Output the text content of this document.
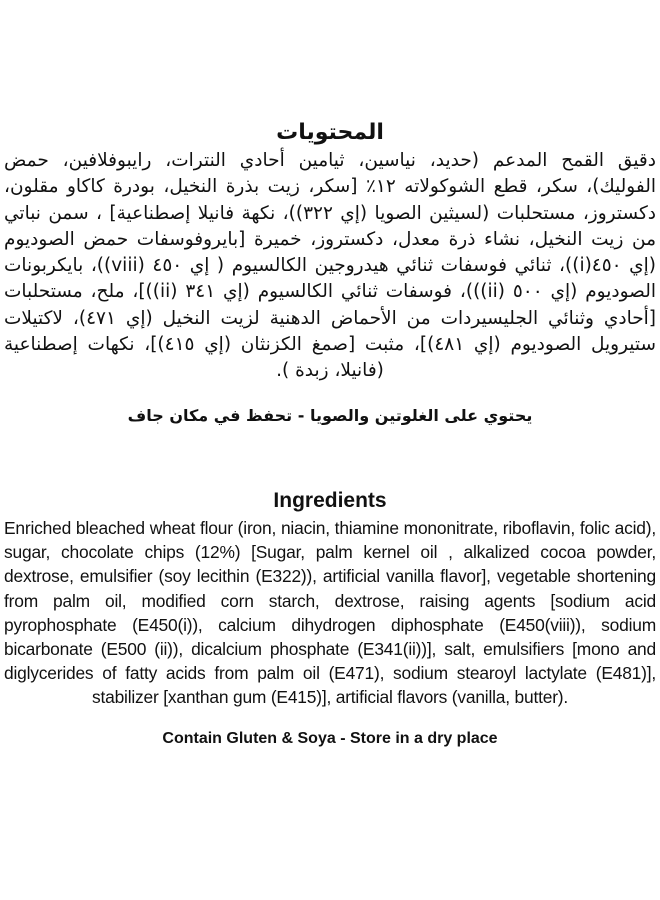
المحتويات

دقيق القمح المدعم (حديد، نياسين، ثيامين أحادي النترات، رايبوفلافين، حمض الفوليك)، سكر، قطع الشوكولاته ١٢٪ [سكر، زيت بذرة النخيل، بودرة كاكاو مقلون، دكستروز، مستحلبات (لسيثين الصويا (إي ٣٢٢))، نكهة فانيلا إصطناعية] ، سمن نباتي من زيت النخيل، نشاء ذرة معدل، دكستروز، خميرة [بايروفوسفات حمض الصوديوم (إي ٤٥٠(i))، ثنائي فوسفات ثنائي هيدروجين الكالسيوم ( إي ٤٥٠ (viii))، بايكربونات الصوديوم (إي ٥٠٠ (ii)))، فوسفات ثنائي الكالسيوم (إي ٣٤١ (ii))]، ملح، مستحلبات [أحادي وثنائي الجليسيردات من الأحماض الدهنية لزيت النخيل (إي ٤٧١)، لاكتيلات ستيرويل الصوديوم (إي ٤٨١)]، مثبت [صمغ الكزنثان (إي ٤١٥)]، نكهات إصطناعية (فانيلا، زبدة ).

يحتوي على الغلوتين والصويا - تحفظ في مكان جاف

Ingredients

Enriched bleached wheat flour (iron, niacin, thiamine mononitrate, riboflavin, folic acid), sugar, chocolate chips (12%) [Sugar, palm kernel oil , alkalized cocoa powder, dextrose, emulsifier (soy lecithin (E322)), artificial vanilla flavor], vegetable shortening from palm oil, modified corn starch, dextrose, raising agents [sodium acid pyrophosphate (E450(i)), calcium dihydrogen diphosphate (E450(viii)), sodium bicarbonate (E500 (ii)), dicalcium phosphate (E341(ii))], salt, emulsifiers [mono and diglycerides of fatty acids from palm oil (E471), sodium stearoyl lactylate (E481)], stabilizer [xanthan gum (E415)], artificial flavors (vanilla, butter).

Contain Gluten & Soya - Store in a dry place
